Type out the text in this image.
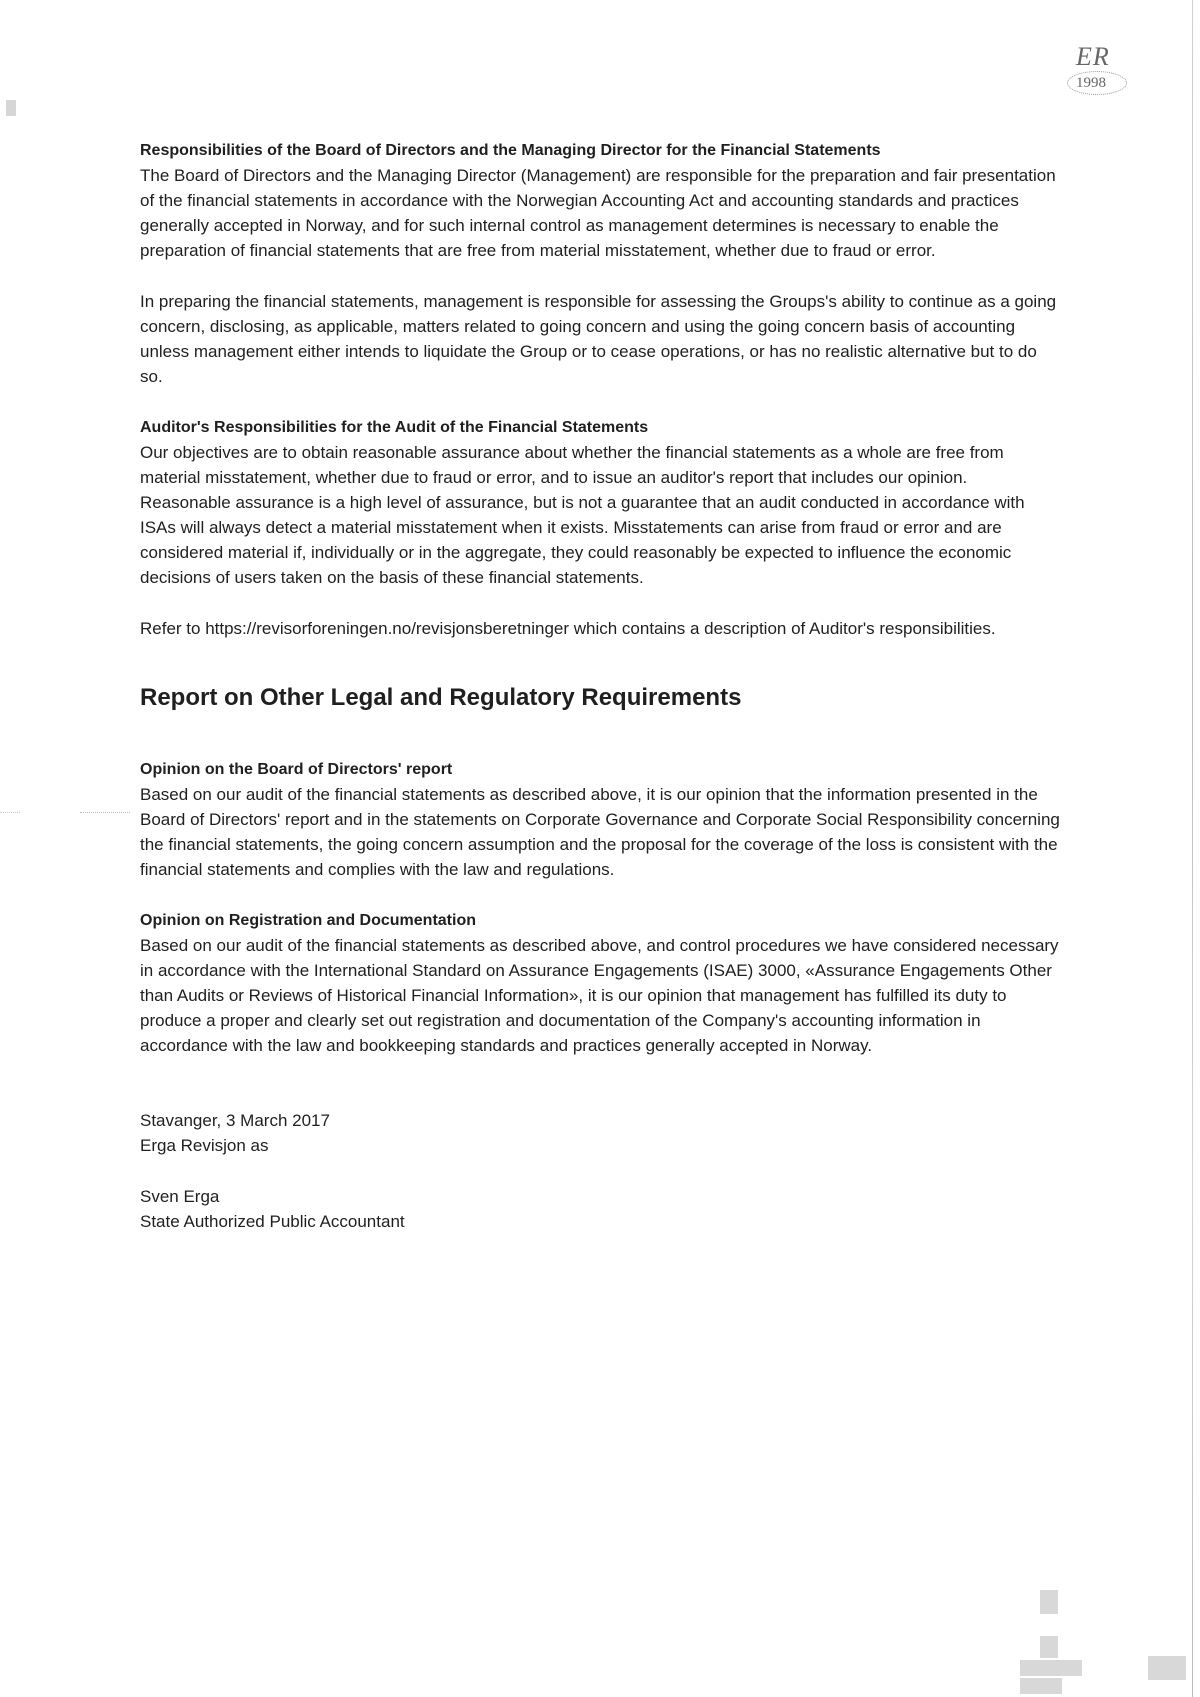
ER
1998

Responsibilities of the Board of Directors and the Managing Director for the Financial Statements

The Board of Directors and the Managing Director (Management) are responsible for the preparation and fair presentation of the financial statements in accordance with the Norwegian Accounting Act and accounting standards and practices generally accepted in Norway, and for such internal control as management determines is necessary to enable the preparation of financial statements that are free from material misstatement, whether due to fraud or error.

In preparing the financial statements, management is responsible for assessing the Groups's ability to continue as a going concern, disclosing, as applicable, matters related to going concern and using the going concern basis of accounting unless management either intends to liquidate the Group or to cease operations, or has no realistic alternative but to do so.

Auditor's Responsibilities for the Audit of the Financial Statements

Our objectives are to obtain reasonable assurance about whether the financial statements as a whole are free from material misstatement, whether due to fraud or error, and to issue an auditor's report that includes our opinion. Reasonable assurance is a high level of assurance, but is not a guarantee that an audit conducted in accordance with ISAs will always detect a material misstatement when it exists. Misstatements can arise from fraud or error and are considered material if, individually or in the aggregate, they could reasonably be expected to influence the economic decisions of users taken on the basis of these financial statements.

Refer to https://revisorforeningen.no/revisjonsberetninger which contains a description of Auditor's responsibilities.

Report on Other Legal and Regulatory Requirements

Opinion on the Board of Directors' report

Based on our audit of the financial statements as described above, it is our opinion that the information presented in the Board of Directors' report and in the statements on Corporate Governance and Corporate Social Responsibility concerning the financial statements, the going concern assumption and the proposal for the coverage of the loss is consistent with the financial statements and complies with the law and regulations.

Opinion on Registration and Documentation

Based on our audit of the financial statements as described above, and control procedures we have considered necessary in accordance with the International Standard on Assurance Engagements (ISAE) 3000, «Assurance Engagements Other than Audits or Reviews of Historical Financial Information», it is our opinion that management has fulfilled its duty to produce a proper and clearly set out registration and documentation of the Company's accounting information in accordance with the law and bookkeeping standards and practices generally accepted in Norway.

Stavanger, 3 March 2017

Erga Revisjon as

Sven Erga

State Authorized Public Accountant
